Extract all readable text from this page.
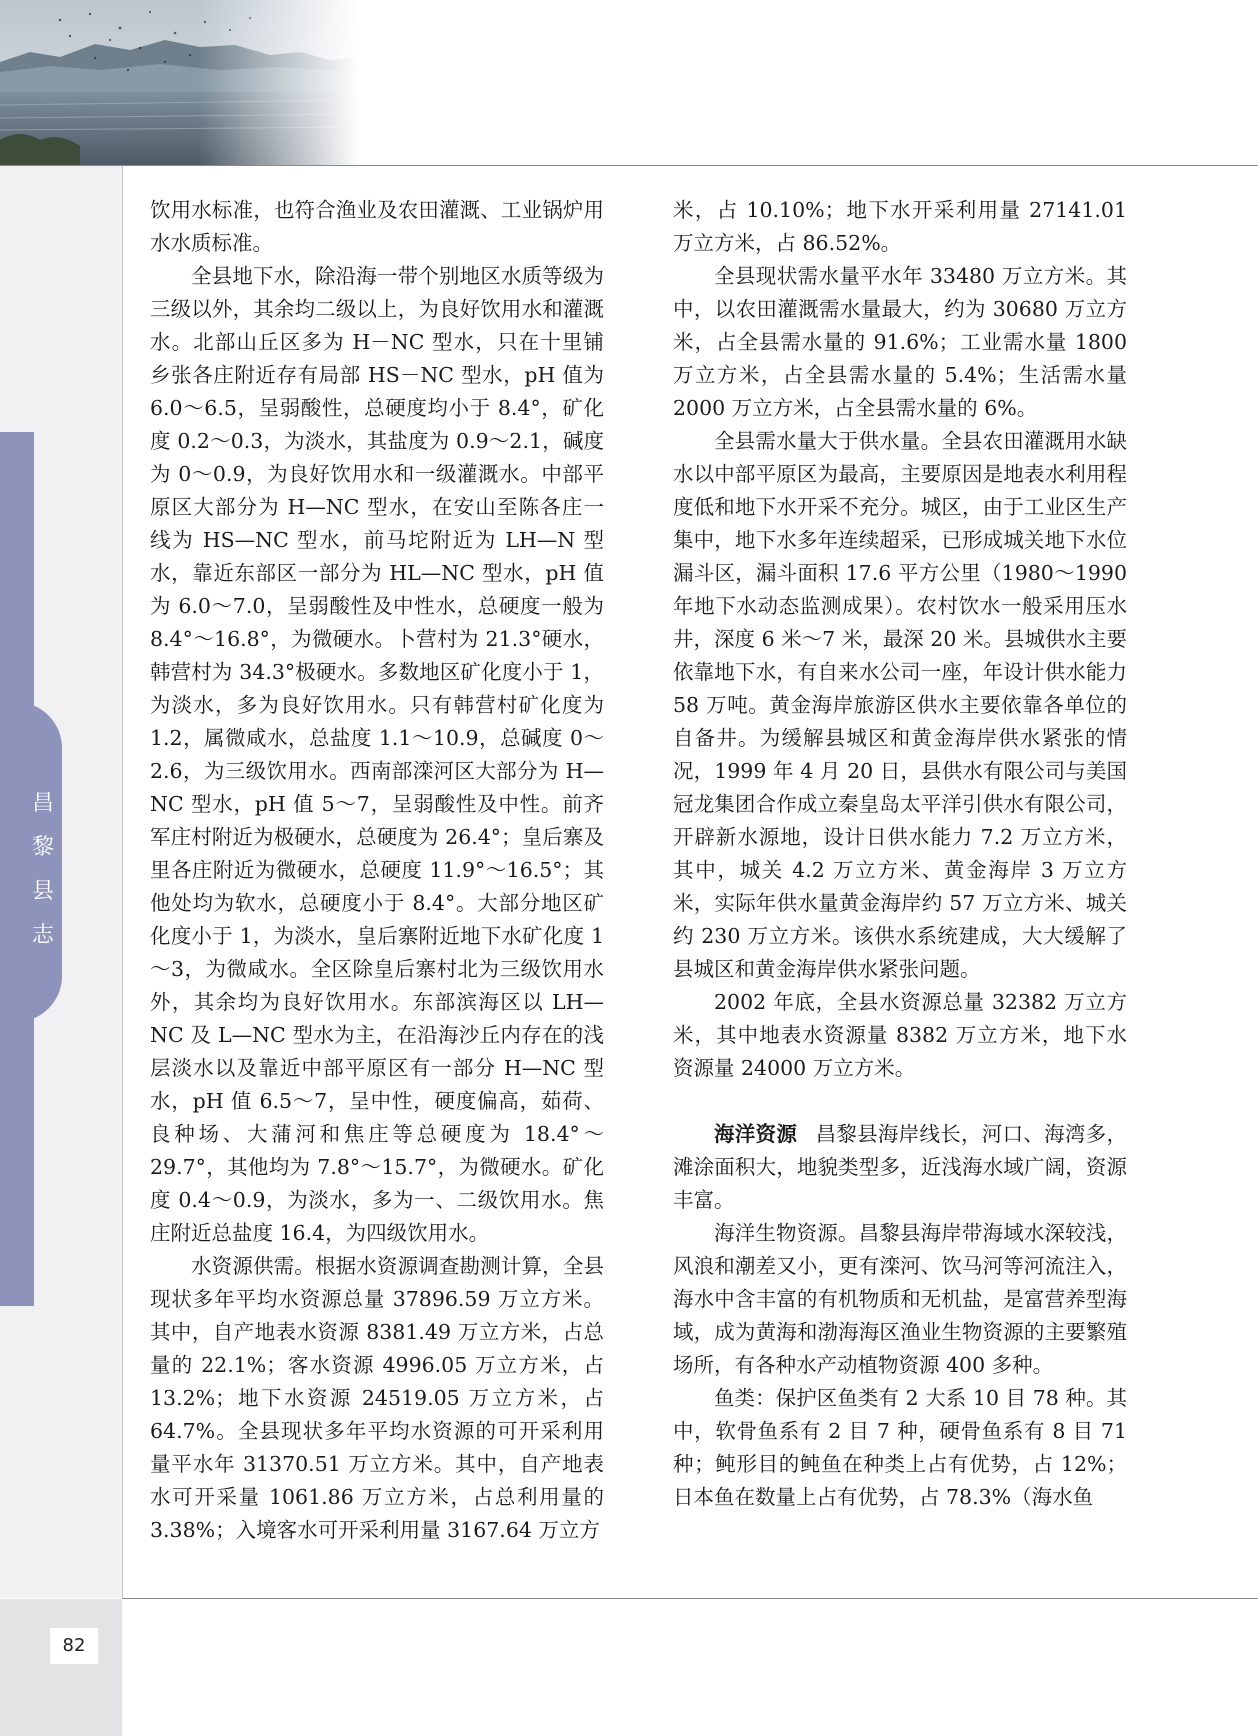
昌
黎
县
志

饮用水标准，也符合渔业及农田灌溉、工业锅炉用水水质标准。

全县地下水，除沿海一带个别地区水质等级为三级以外，其余均二级以上，为良好饮用水和灌溉水。北部山丘区多为 H－NC 型水，只在十里铺乡张各庄附近存有局部 HS－NC 型水，pH 值为 6.0～6.5，呈弱酸性，总硬度均小于 8.4°，矿化度 0.2～0.3，为淡水，其盐度为 0.9～2.1，碱度为 0～0.9，为良好饮用水和一级灌溉水。中部平原区大部分为 H—NC 型水，在安山至陈各庄一线为 HS—NC 型水，前马坨附近为 LH—N 型水，靠近东部区一部分为 HL—NC 型水，pH 值为 6.0～7.0，呈弱酸性及中性水，总硬度一般为 8.4°～16.8°，为微硬水。卜营村为 21.3°硬水，韩营村为 34.3°极硬水。多数地区矿化度小于 1，为淡水，多为良好饮用水。只有韩营村矿化度为 1.2，属微咸水，总盐度 1.1～10.9，总碱度 0～2.6，为三级饮用水。西南部滦河区大部分为 H—NC 型水，pH 值 5～7，呈弱酸性及中性。前齐军庄村附近为极硬水，总硬度为 26.4°；皇后寨及里各庄附近为微硬水，总硬度 11.9°～16.5°；其他处均为软水，总硬度小于 8.4°。大部分地区矿化度小于 1，为淡水，皇后寨附近地下水矿化度 1～3，为微咸水。全区除皇后寨村北为三级饮用水外，其余均为良好饮用水。东部滨海区以 LH—NC 及 L—NC 型水为主，在沿海沙丘内存在的浅层淡水以及靠近中部平原区有一部分 H—NC 型水，pH 值 6.5～7，呈中性，硬度偏高，茹荷、良种场、大蒲河和焦庄等总硬度为 18.4°～29.7°，其他均为 7.8°～15.7°，为微硬水。矿化度 0.4～0.9，为淡水，多为一、二级饮用水。焦庄附近总盐度 16.4，为四级饮用水。

水资源供需。根据水资源调查勘测计算，全县现状多年平均水资源总量 37896.59 万立方米。其中，自产地表水资源 8381.49 万立方米，占总量的 22.1%；客水资源 4996.05 万立方米，占 13.2%；地下水资源 24519.05 万立方米，占 64.7%。全县现状多年平均水资源的可开采利用量平水年 31370.51 万立方米。其中，自产地表水可开采量 1061.86 万立方米，占总利用量的 3.38%；入境客水可开采利用量 3167.64 万立方

米，占 10.10%；地下水开采利用量 27141.01 万立方米，占 86.52%。

全县现状需水量平水年 33480 万立方米。其中，以农田灌溉需水量最大，约为 30680 万立方米，占全县需水量的 91.6%；工业需水量 1800 万立方米，占全县需水量的 5.4%；生活需水量 2000 万立方米，占全县需水量的 6%。

全县需水量大于供水量。全县农田灌溉用水缺水以中部平原区为最高，主要原因是地表水利用程度低和地下水开采不充分。城区，由于工业区生产集中，地下水多年连续超采，已形成城关地下水位漏斗区，漏斗面积 17.6 平方公里（1980～1990 年地下水动态监测成果）。农村饮水一般采用压水井，深度 6 米～7 米，最深 20 米。县城供水主要依靠地下水，有自来水公司一座，年设计供水能力 58 万吨。黄金海岸旅游区供水主要依靠各单位的自备井。为缓解县城区和黄金海岸供水紧张的情况，1999 年 4 月 20 日，县供水有限公司与美国冠龙集团合作成立秦皇岛太平洋引供水有限公司，开辟新水源地，设计日供水能力 7.2 万立方米，其中，城关 4.2 万立方米、黄金海岸 3 万立方米，实际年供水量黄金海岸约 57 万立方米、城关约 230 万立方米。该供水系统建成，大大缓解了县城区和黄金海岸供水紧张问题。

2002 年底，全县水资源总量 32382 万立方米，其中地表水资源量 8382 万立方米，地下水资源量 24000 万立方米。

海洋资源 昌黎县海岸线长，河口、海湾多，滩涂面积大，地貌类型多，近浅海水域广阔，资源丰富。

海洋生物资源。昌黎县海岸带海域水深较浅，风浪和潮差又小，更有滦河、饮马河等河流注入，海水中含丰富的有机物质和无机盐，是富营养型海域，成为黄海和渤海海区渔业生物资源的主要繁殖场所，有各种水产动植物资源 400 多种。

鱼类：保护区鱼类有 2 大系 10 目 78 种。其中，软骨鱼系有 2 目 7 种，硬骨鱼系有 8 目 71 种；鲀形目的鲀鱼在种类上占有优势，占 12%；日本鱼在数量上占有优势，占 78.3%（海水鱼

82
